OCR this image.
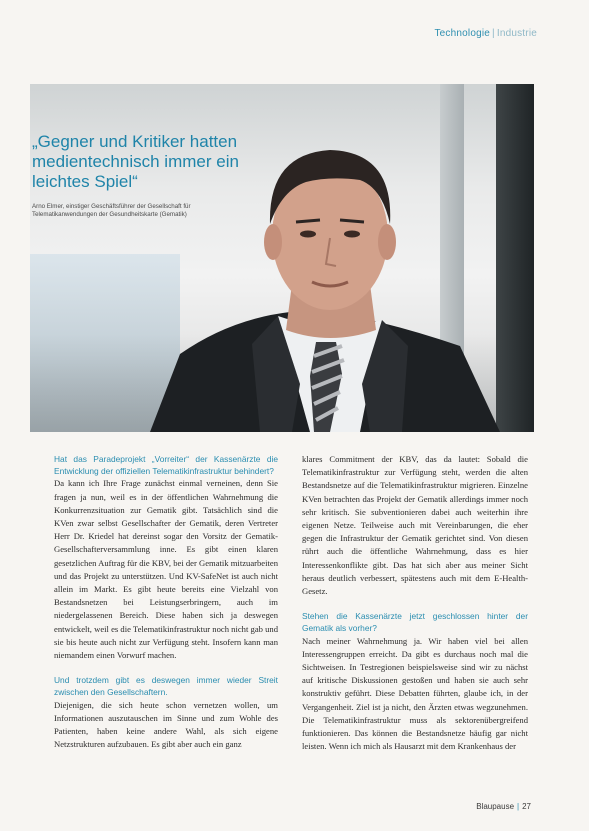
Technologie | Industrie
„Gegner und Kritiker hatten medientechnisch immer ein leichtes Spiel“
Arno Elmer, einstiger Geschäftsführer der Gesellschaft für Telematikanwendungen der Gesundheitskarte (Gematik)

Hat das Paradeprojekt „Vorreiter“ der Kassenärzte die Entwicklung der offiziellen Telematikinfrastruktur behindert?

Da kann ich Ihre Frage zunächst einmal verneinen, denn Sie fragen ja nun, weil es in der öffentlichen Wahrnehmung die Konkurrenzsituation zur Gematik gibt. Tatsächlich sind die KVen zwar selbst Gesellschafter der Gematik, deren Vertreter Herr Dr. Kriedel hat dereinst sogar den Vorsitz der Gematik-Gesellschafterversammlung inne. Es gibt einen klaren gesetzlichen Auftrag für die KBV, bei der Gematik mitzuarbeiten und das Projekt zu unterstützen. Und KV-SafeNet ist auch nicht allein im Markt. Es gibt heute bereits eine Vielzahl von Bestandsnetzen bei Leistungserbringern, auch im niedergelassenen Bereich. Diese haben sich ja deswegen entwickelt, weil es die Telematikinfrastruktur noch nicht gab und sie bis heute auch nicht zur Verfügung steht. Insofern kann man niemandem einen Vorwurf machen.

Und trotzdem gibt es deswegen immer wieder Streit zwischen den Gesellschaftern.

Diejenigen, die sich heute schon vernetzen wollen, um Informationen auszutauschen im Sinne und zum Wohle des Patienten, haben keine andere Wahl, als sich eigene Netzstrukturen aufzubauen. Es gibt aber auch ein ganz

klares Commitment der KBV, das da lautet: Sobald die Telematikinfrastruktur zur Verfügung steht, werden die alten Bestandsnetze auf die Telematikinfrastruktur migrieren. Einzelne KVen betrachten das Projekt der Gematik allerdings immer noch sehr kritisch. Sie subventionieren dabei auch weiterhin ihre eigenen Netze. Teilweise auch mit Vereinbarungen, die eher gegen die Infrastruktur der Gematik gerichtet sind. Von diesen rührt auch die öffentliche Wahrnehmung, dass es hier Interessenkonflikte gibt. Das hat sich aber aus meiner Sicht heraus deutlich verbessert, spätestens auch mit dem E-Health-Gesetz.

Stehen die Kassenärzte jetzt geschlossen hinter der Gematik als vorher?

Nach meiner Wahrnehmung ja. Wir haben viel bei allen Interessengruppen erreicht. Da gibt es durchaus noch mal die Sichtweisen. In Testregionen beispielsweise sind wir zu nächst auf kritische Diskussionen gestoßen und haben sie auch sehr konstruktiv geführt. Diese Debatten führten, glaube ich, in der Vergangenheit. Ziel ist ja nicht, den Ärzten etwas wegzunehmen. Die Telematikinfrastruktur muss als sektorenübergreifend funktionieren. Das können die Bestandsnetze häufig gar nicht leisten. Wenn ich mich als Hausarzt mit dem Krankenhaus der

Blaupause | 27
